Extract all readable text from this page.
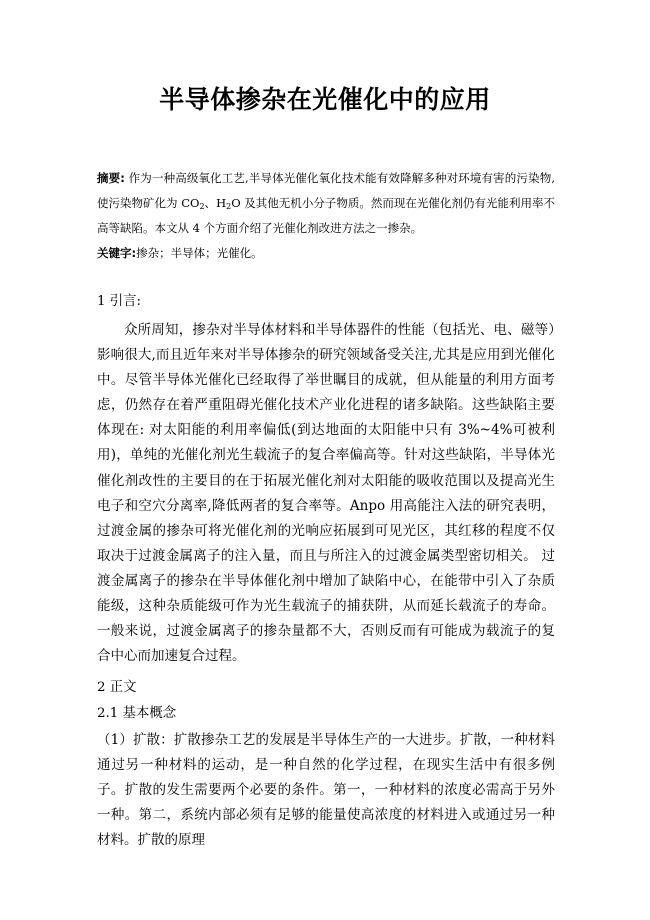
半导体掺杂在光催化中的应用
摘要: 作为一种高级氧化工艺,半导体光催化氧化技术能有效降解多种对环境有害的污染物,使污染物矿化为 $CO_2$、$H_2O$ 及其他无机小分子物质。然而现在光催化剂仍有光能利用率不高等缺陷。本文从 4 个方面介绍了光催化剂改进方法之一掺杂。
关键字:掺杂；半导体；光催化。
1 引言:
众所周知，掺杂对半导体材料和半导体器件的性能（包括光、电、磁等）影响很大,而且近年来对半导体掺杂的研究领域备受关注,尤其是应用到光催化中。尽管半导体光催化已经取得了举世瞩目的成就，但从能量的利用方面考虑，仍然存在着严重阻碍光催化技术产业化进程的诸多缺陷。这些缺陷主要体现在: 对太阳能的利用率偏低(到达地面的太阳能中只有 3%~4%可被利用)，单纯的光催化剂光生载流子的复合率偏高等。针对这些缺陷，半导体光催化剂改性的主要目的在于拓展光催化剂对太阳能的吸收范围以及提高光生电子和空穴分离率,降低两者的复合率等。Anpo 用高能注入法的研究表明，过渡金属的掺杂可将光催化剂的光响应拓展到可见光区，其红移的程度不仅取决于过渡金属离子的注入量，而且与所注入的过渡金属类型密切相关。 过渡金属离子的掺杂在半导体催化剂中增加了缺陷中心，在能带中引入了杂质能级，这种杂质能级可作为光生载流子的捕获阱，从而延长载流子的寿命。一般来说，过渡金属离子的掺杂量都不大，否则反而有可能成为载流子的复合中心而加速复合过程。
2 正文
2.1 基本概念
（1）扩散：扩散掺杂工艺的发展是半导体生产的一大进步。扩散，一种材料通过另一种材料的运动，是一种自然的化学过程，在现实生活中有很多例子。扩散的发生需要两个必要的条件。第一，一种材料的浓度必需高于另外一种。第二，系统内部必须有足够的能量使高浓度的材料进入或通过另一种材料。扩散的原理
